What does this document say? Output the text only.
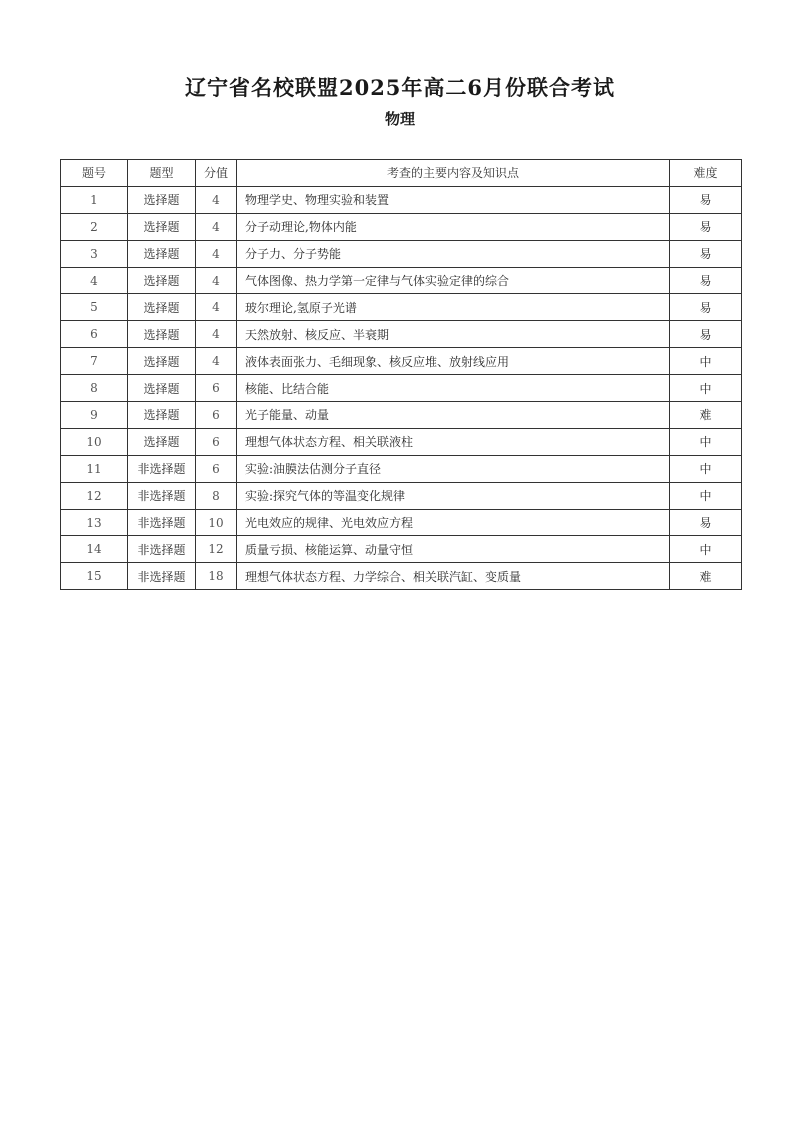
辽宁省名校联盟2025年高二6月份联合考试
物理
题号	题型	分值	考查的主要内容及知识点	难度
1	选择题	4	物理学史、物理实验和装置	易
2	选择题	4	分子动理论,物体内能	易
3	选择题	4	分子力、分子势能	易
4	选择题	4	气体图像、热力学第一定律与气体实验定律的综合	易
5	选择题	4	玻尔理论,氢原子光谱	易
6	选择题	4	天然放射、核反应、半衰期	易
7	选择题	4	液体表面张力、毛细现象、核反应堆、放射线应用	中
8	选择题	6	核能、比结合能	中
9	选择题	6	光子能量、动量	难
10	选择题	6	理想气体状态方程、相关联液柱	中
11	非选择题	6	实验:油膜法估测分子直径	中
12	非选择题	8	实验:探究气体的等温变化规律	中
13	非选择题	10	光电效应的规律、光电效应方程	易
14	非选择题	12	质量亏损、核能运算、动量守恒	中
15	非选择题	18	理想气体状态方程、力学综合、相关联汽缸、变质量	难
